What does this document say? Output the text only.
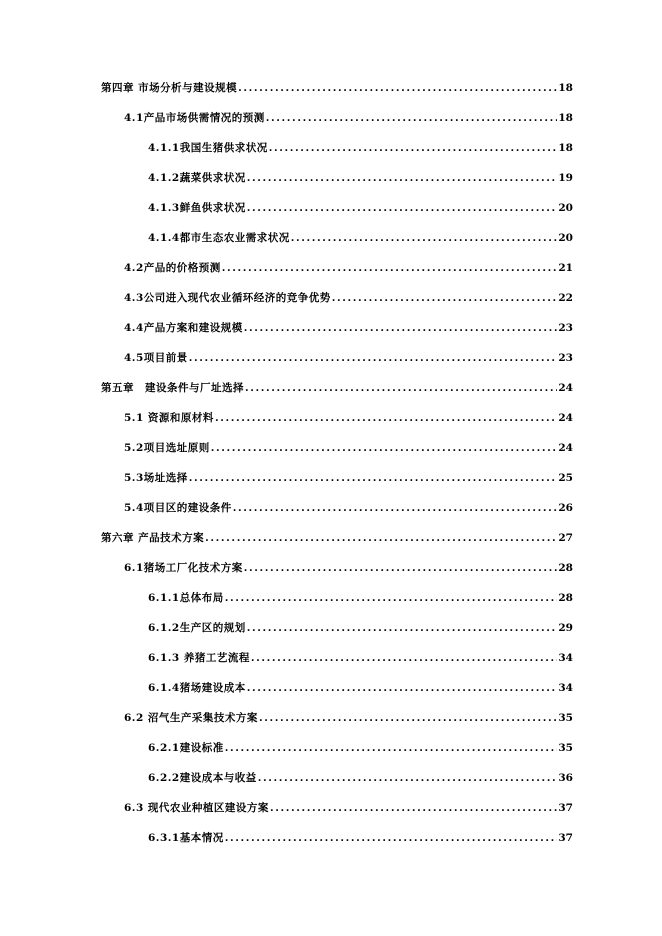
第四章 市场分析与建设规模 .....	18
4.1产品市场供需情况的预测 .....	18
4.1.1我国生猪供求状况 .....	18
4.1.2蔬菜供求状况 .....	19
4.1.3鲜鱼供求状况 .....	20
4.1.4都市生态农业需求状况 .....	20
4.2产品的价格预测 .....	21
4.3公司进入现代农业循环经济的竞争优势 .....	22
4.4产品方案和建设规模 .....	23
4.5项目前景 .....	23
第五章　建设条件与厂址选择 .....	24
5.1 资源和原材料 .....	24
5.2项目选址原则 .....	24
5.3场址选择 .....	25
5.4项目区的建设条件 .....	26
第六章 产品技术方案 .....	27
6.1猪场工厂化技术方案 .....	28
6.1.1总体布局 .....	28
6.1.2生产区的规划 .....	29
6.1.3 养猪工艺流程 .....	34
6.1.4猪场建设成本 .....	34
6.2 沼气生产采集技术方案 .....	35
6.2.1建设标准 .....	35
6.2.2建设成本与收益 .....	36
6.3 现代农业种植区建设方案 .....	37
6.3.1基本情况 .....	37
